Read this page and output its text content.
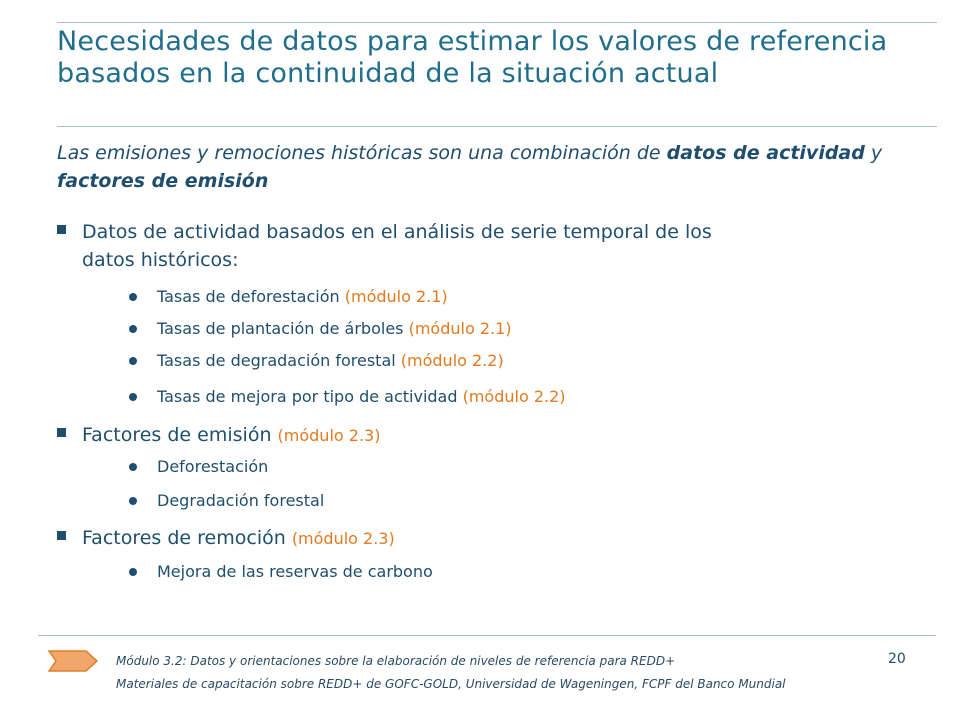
Necesidades de datos para estimar los valores de referencia
basados en la continuidad de la situación actual

Las emisiones y remociones históricas son una combinación de datos de actividad y factores de emisión

Datos de actividad basados en el análisis de serie temporal de los
datos históricos:
Tasas de deforestación (módulo 2.1)
Tasas de plantación de árboles (módulo 2.1)
Tasas de degradación forestal (módulo 2.2)
Tasas de mejora por tipo de actividad (módulo 2.2)
Factores de emisión (módulo 2.3)
Deforestación
Degradación forestal
Factores de remoción (módulo 2.3)
Mejora de las reservas de carbono
Módulo 3.2: Datos y orientaciones sobre la elaboración de niveles de referencia para REDD+	20
Materiales de capacitación sobre REDD+ de GOFC-GOLD, Universidad de Wageningen, FCPF del Banco Mundial
